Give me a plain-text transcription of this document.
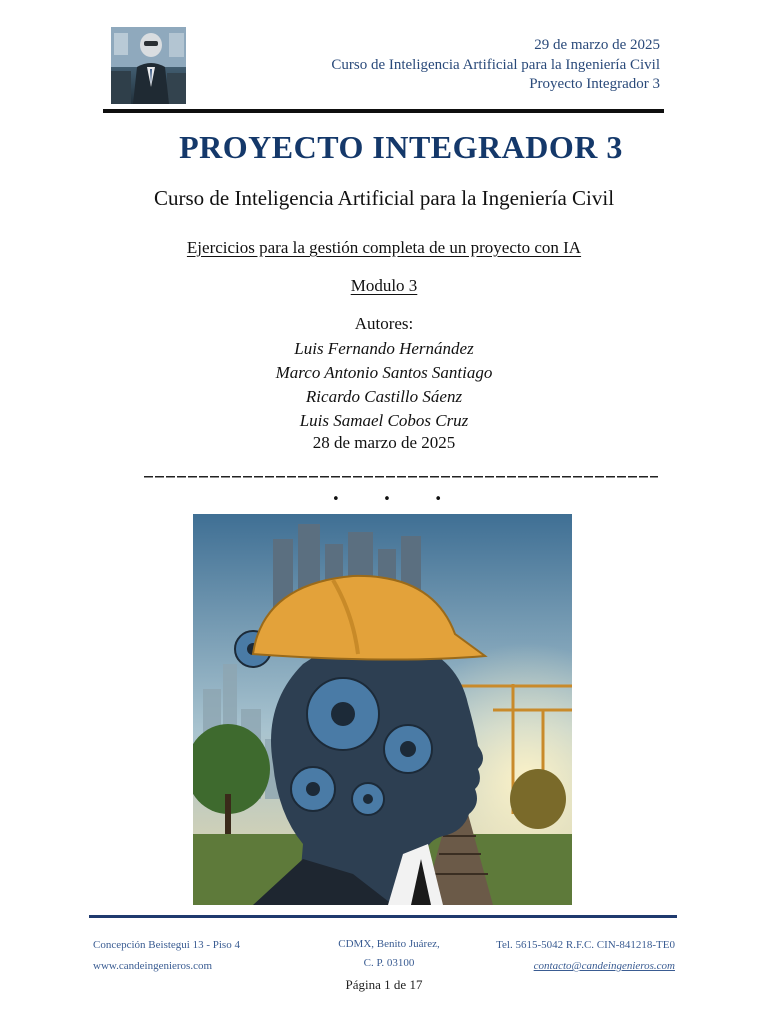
29 de marzo de 2025
Curso de Inteligencia Artificial para la Ingeniería Civil
Proyecto Integrador 3
PROYECTO INTEGRADOR 3
Curso de Inteligencia Artificial para la Ingeniería Civil
Ejercicios para la gestión completa de un proyecto con IA
Modulo 3
Autores:
Luis Fernando Hernández
Marco Antonio Santos Santiago
Ricardo Castillo Sáenz
Luis Samael Cobos Cruz
28 de marzo de 2025
•	•	•
Concepción Beistegui 13 - Piso 4
www.candeingenieros.com
CDMX, Benito Juárez,
C. P. 03100
Tel. 5615-5042 R.F.C. CIN-841218-TE0
contacto@candeingenieros.com
Página 1 de 17
